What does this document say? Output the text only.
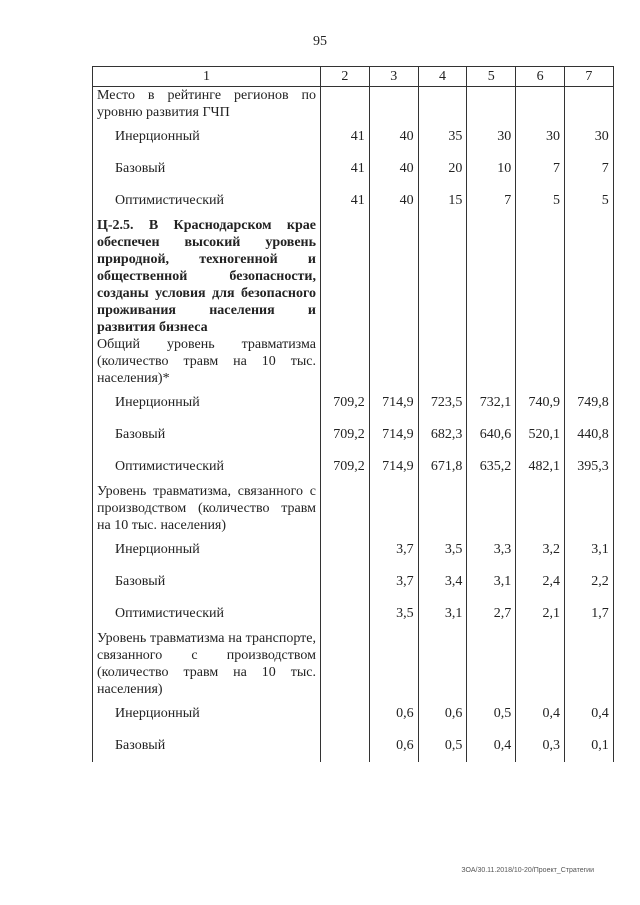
95
1	2	3	4	5	6	7
Место в рейтинге регионов по уровню развития ГЧП						
Инерционный	41	40	35	30	30	30
Базовый	41	40	20	10	7	7
Оптимистический	41	40	15	7	5	5
Ц-2.5. В Краснодарском крае обеспечен высокий уровень природной, техногенной и общественной безопасности, созданы условия для безопасного проживания населения и развития бизнеса						
Общий уровень травматизма (количество травм на 10 тыс. населения)*						
Инерционный	709,2	714,9	723,5	732,1	740,9	749,8
Базовый	709,2	714,9	682,3	640,6	520,1	440,8
Оптимистический	709,2	714,9	671,8	635,2	482,1	395,3
Уровень травматизма, связанного с производством (количество травм на 10 тыс. населения)						
Инерционный		3,7	3,5	3,3	3,2	3,1
Базовый		3,7	3,4	3,1	2,4	2,2
Оптимистический		3,5	3,1	2,7	2,1	1,7
Уровень травматизма на транспорте, связанного с производством (количество травм на 10 тыс. населения)						
Инерционный		0,6	0,6	0,5	0,4	0,4
Базовый		0,6	0,5	0,4	0,3	0,1
ЗОА/30.11.2018/10-20/Проект_Стратегии
